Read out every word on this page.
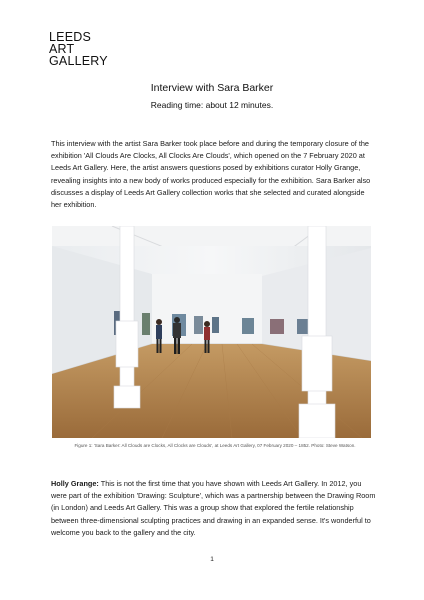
LEEDS
ART
GALLERY
Interview with Sara Barker
Reading time: about 12 minutes.

This interview with the artist Sara Barker took place before and during the temporary closure of the exhibition 'All Clouds Are Clocks, All Clocks Are Clouds', which opened on the 7 February 2020 at Leeds Art Gallery. Here, the artist answers questions posed by exhibitions curator Holly Grange, revealing insights into a new body of works produced especially for the exhibition. Sara Barker also discusses a display of Leeds Art Gallery collection works that she selected and curated alongside her exhibition.

Figure 1: 'Sara Barker: All Clouds are Clocks, All Clocks are Clouds', at Leeds Art Gallery, 07 February 2020 – 1852. Photo: Steve Watson.

Holly Grange: This is not the first time that you have shown with Leeds Art Gallery. In 2012, you were part of the exhibition 'Drawing: Sculpture', which was a partnership between the Drawing Room (in London) and Leeds Art Gallery. This was a group show that explored the fertile relationship between three-dimensional sculpting practices and drawing in an expanded sense. It's wonderful to welcome you back to the gallery and the city.

1
